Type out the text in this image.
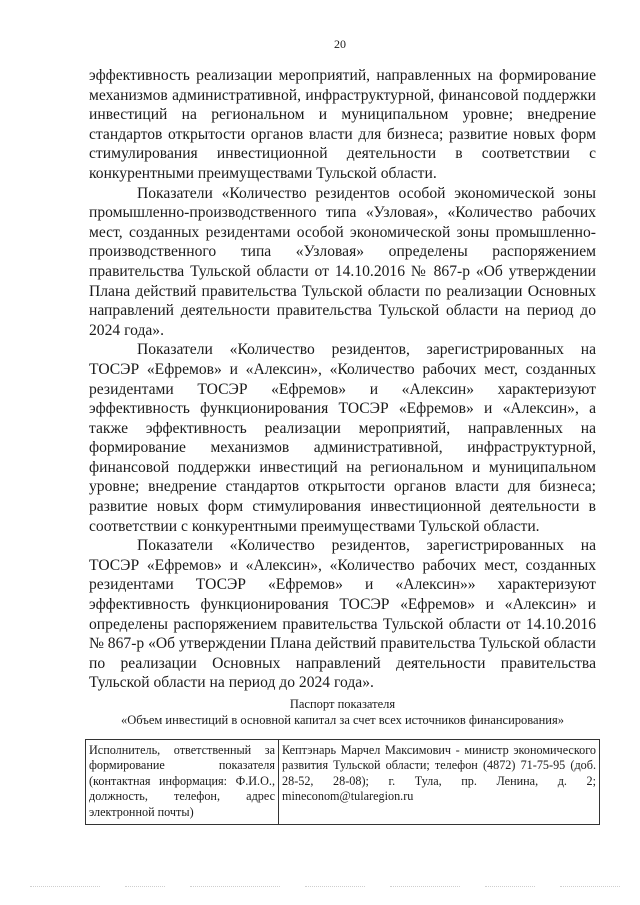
20

эффективность реализации мероприятий, направленных на формирование механизмов административной, инфраструктурной, финансовой поддержки инвестиций на региональном и муниципальном уровне; внедрение стандартов открытости органов власти для бизнеса; развитие новых форм стимулирования инвестиционной деятельности в соответствии с конкурентными преимуществами Тульской области.

Показатели «Количество резидентов особой экономической зоны промышленно-производственного типа «Узловая», «Количество рабочих мест, созданных резидентами особой экономической зоны промышленно-производственного типа «Узловая» определены распоряжением правительства Тульской области от 14.10.2016 № 867-р «Об утверждении Плана действий правительства Тульской области по реализации Основных направлений деятельности правительства Тульской области на период до 2024 года».

Показатели «Количество резидентов, зарегистрированных на ТОСЭР «Ефремов» и «Алексин», «Количество рабочих мест, созданных резидентами ТОСЭР «Ефремов» и «Алексин» характеризуют эффективность функционирования ТОСЭР «Ефремов» и «Алексин», а также эффективность реализации мероприятий, направленных на формирование механизмов административной, инфраструктурной, финансовой поддержки инвестиций на региональном и муниципальном уровне; внедрение стандартов открытости органов власти для бизнеса; развитие новых форм стимулирования инвестиционной деятельности в соответствии с конкурентными преимуществами Тульской области.

Показатели «Количество резидентов, зарегистрированных на ТОСЭР «Ефремов» и «Алексин», «Количество рабочих мест, созданных резидентами ТОСЭР «Ефремов» и «Алексин»» характеризуют эффективность функционирования ТОСЭР «Ефремов» и «Алексин» и определены распоряжением правительства Тульской области от 14.10.2016 № 867-р «Об утверждении Плана действий правительства Тульской области по реализации Основных направлений деятельности правительства Тульской области на период до 2024 года».

Паспорт показателя
«Объем инвестиций в основной капитал за счет всех источников финансирования»
Исполнитель, ответственный за формирование показателя (контактная информация: Ф.И.О., должность, телефон, адрес электронной почты)	Кептэнарь Марчел Максимович - министр экономического развития Тульской области; телефон (4872) 71-75-95 (доб. 28-52, 28-08); г. Тула, пр. Ленина, д. 2; mineconom@tularegion.ru
